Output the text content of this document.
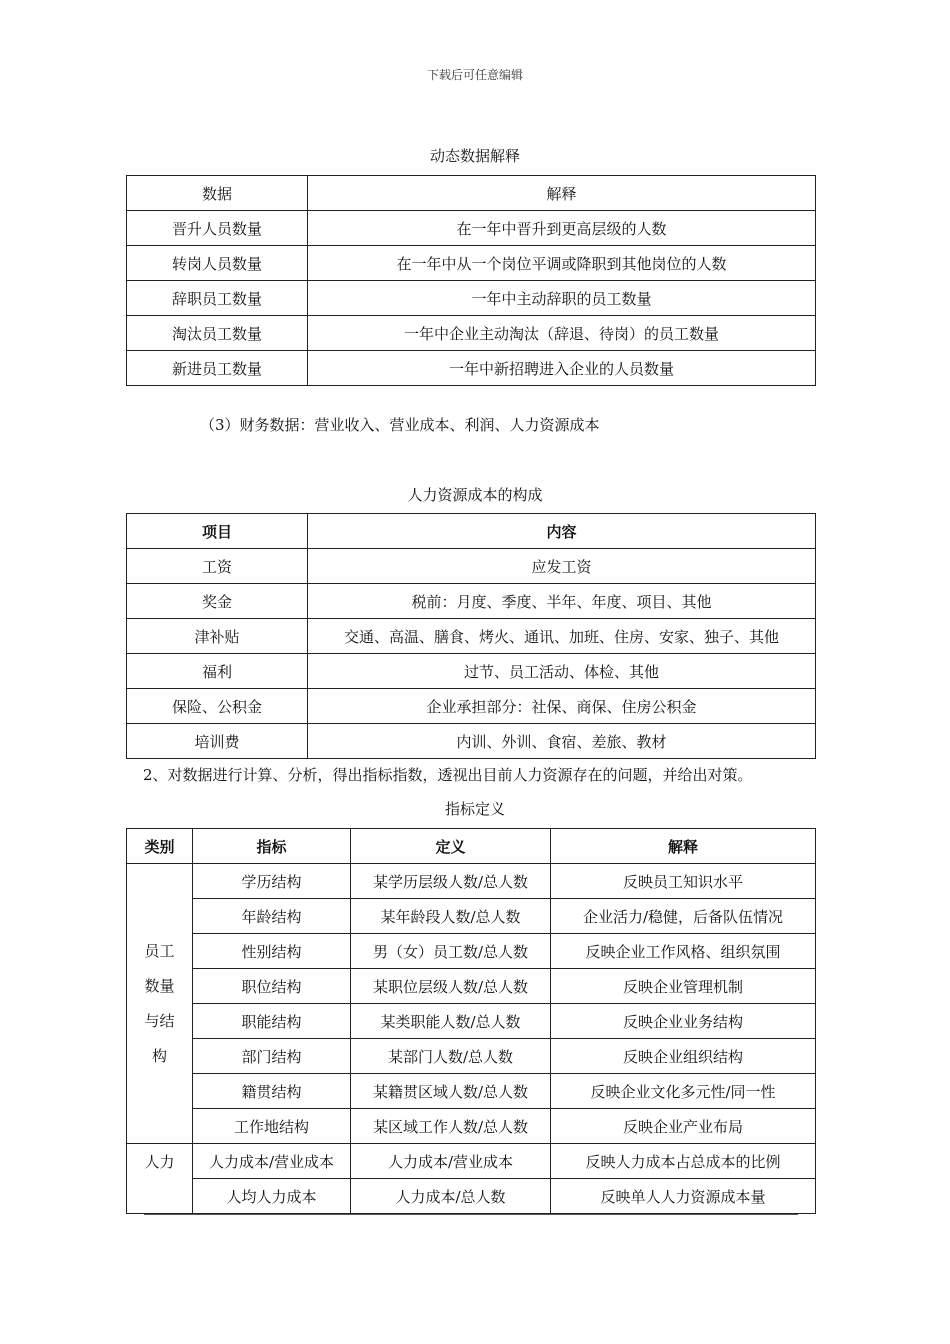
下载后可任意编辑
动态数据解释
数据	解释
晋升人员数量	在一年中晋升到更高层级的人数
转岗人员数量	在一年中从一个岗位平调或降职到其他岗位的人数
辞职员工数量	一年中主动辞职的员工数量
淘汰员工数量	一年中企业主动淘汰（辞退、待岗）的员工数量
新进员工数量	一年中新招聘进入企业的人员数量
（3）财务数据：营业收入、营业成本、利润、人力资源成本
人力资源成本的构成
项目	内容
工资	应发工资
奖金	税前：月度、季度、半年、年度、项目、其他
津补贴	交通、高温、膳食、烤火、通讯、加班、住房、安家、独子、其他
福利	过节、员工活动、体检、其他
保险、公积金	企业承担部分：社保、商保、住房公积金
培训费	内训、外训、食宿、差旅、教材
2、对数据进行计算、分析，得出指标指数，透视出目前人力资源存在的问题，并给出对策。
指标定义
类别	指标	定义	解释

员工
数量
与结
构	学历结构	某学历层级人数/总人数	反映员工知识水平
	年龄结构	某年龄段人数/总人数	企业活力/稳健，后备队伍情况
	性别结构	男（女）员工数/总人数	反映企业工作风格、组织氛围
	职位结构	某职位层级人数/总人数	反映企业管理机制
	职能结构	某类职能人数/总人数	反映企业业务结构
	部门结构	某部门人数/总人数	反映企业组织结构
	籍贯结构	某籍贯区域人数/总人数	反映企业文化多元性/同一性
	工作地结构	某区域工作人数/总人数	反映企业产业布局
人力	人力成本/营业成本	人力成本/营业成本	反映人力成本占总成本的比例
	人均人力成本	人力成本/总人数	反映单人人力资源成本量
